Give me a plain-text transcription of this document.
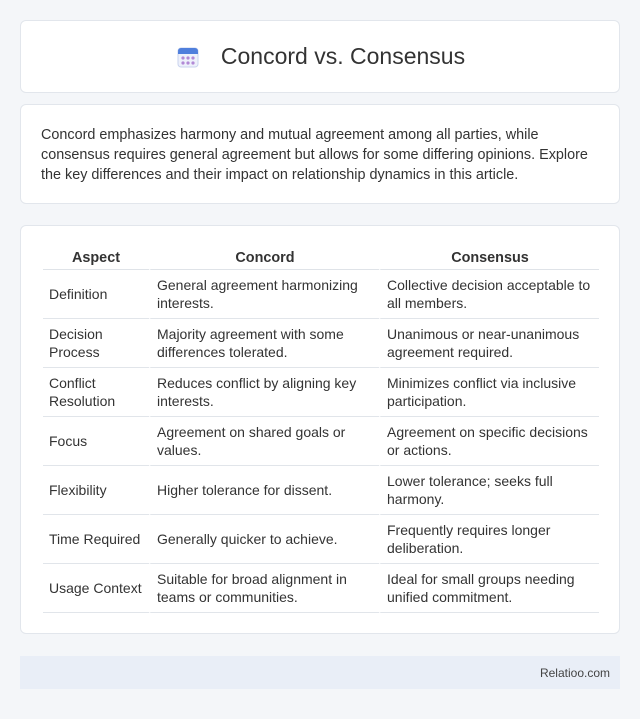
Concord vs. Consensus

Concord emphasizes harmony and mutual agreement among all parties, while consensus requires general agreement but allows for some differing opinions. Explore the key differences and their impact on relationship dynamics in this article.

Aspect	Concord	Consensus
Definition	General agreement harmonizing interests.	Collective decision acceptable to all members.
Decision Process	Majority agreement with some differences tolerated.	Unanimous or near-unanimous agreement required.
Conflict Resolution	Reduces conflict by aligning key interests.	Minimizes conflict via inclusive participation.
Focus	Agreement on shared goals or values.	Agreement on specific decisions or actions.
Flexibility	Higher tolerance for dissent.	Lower tolerance; seeks full harmony.
Time Required	Generally quicker to achieve.	Frequently requires longer deliberation.
Usage Context	Suitable for broad alignment in teams or communities.	Ideal for small groups needing unified commitment.
Relatioo.com
